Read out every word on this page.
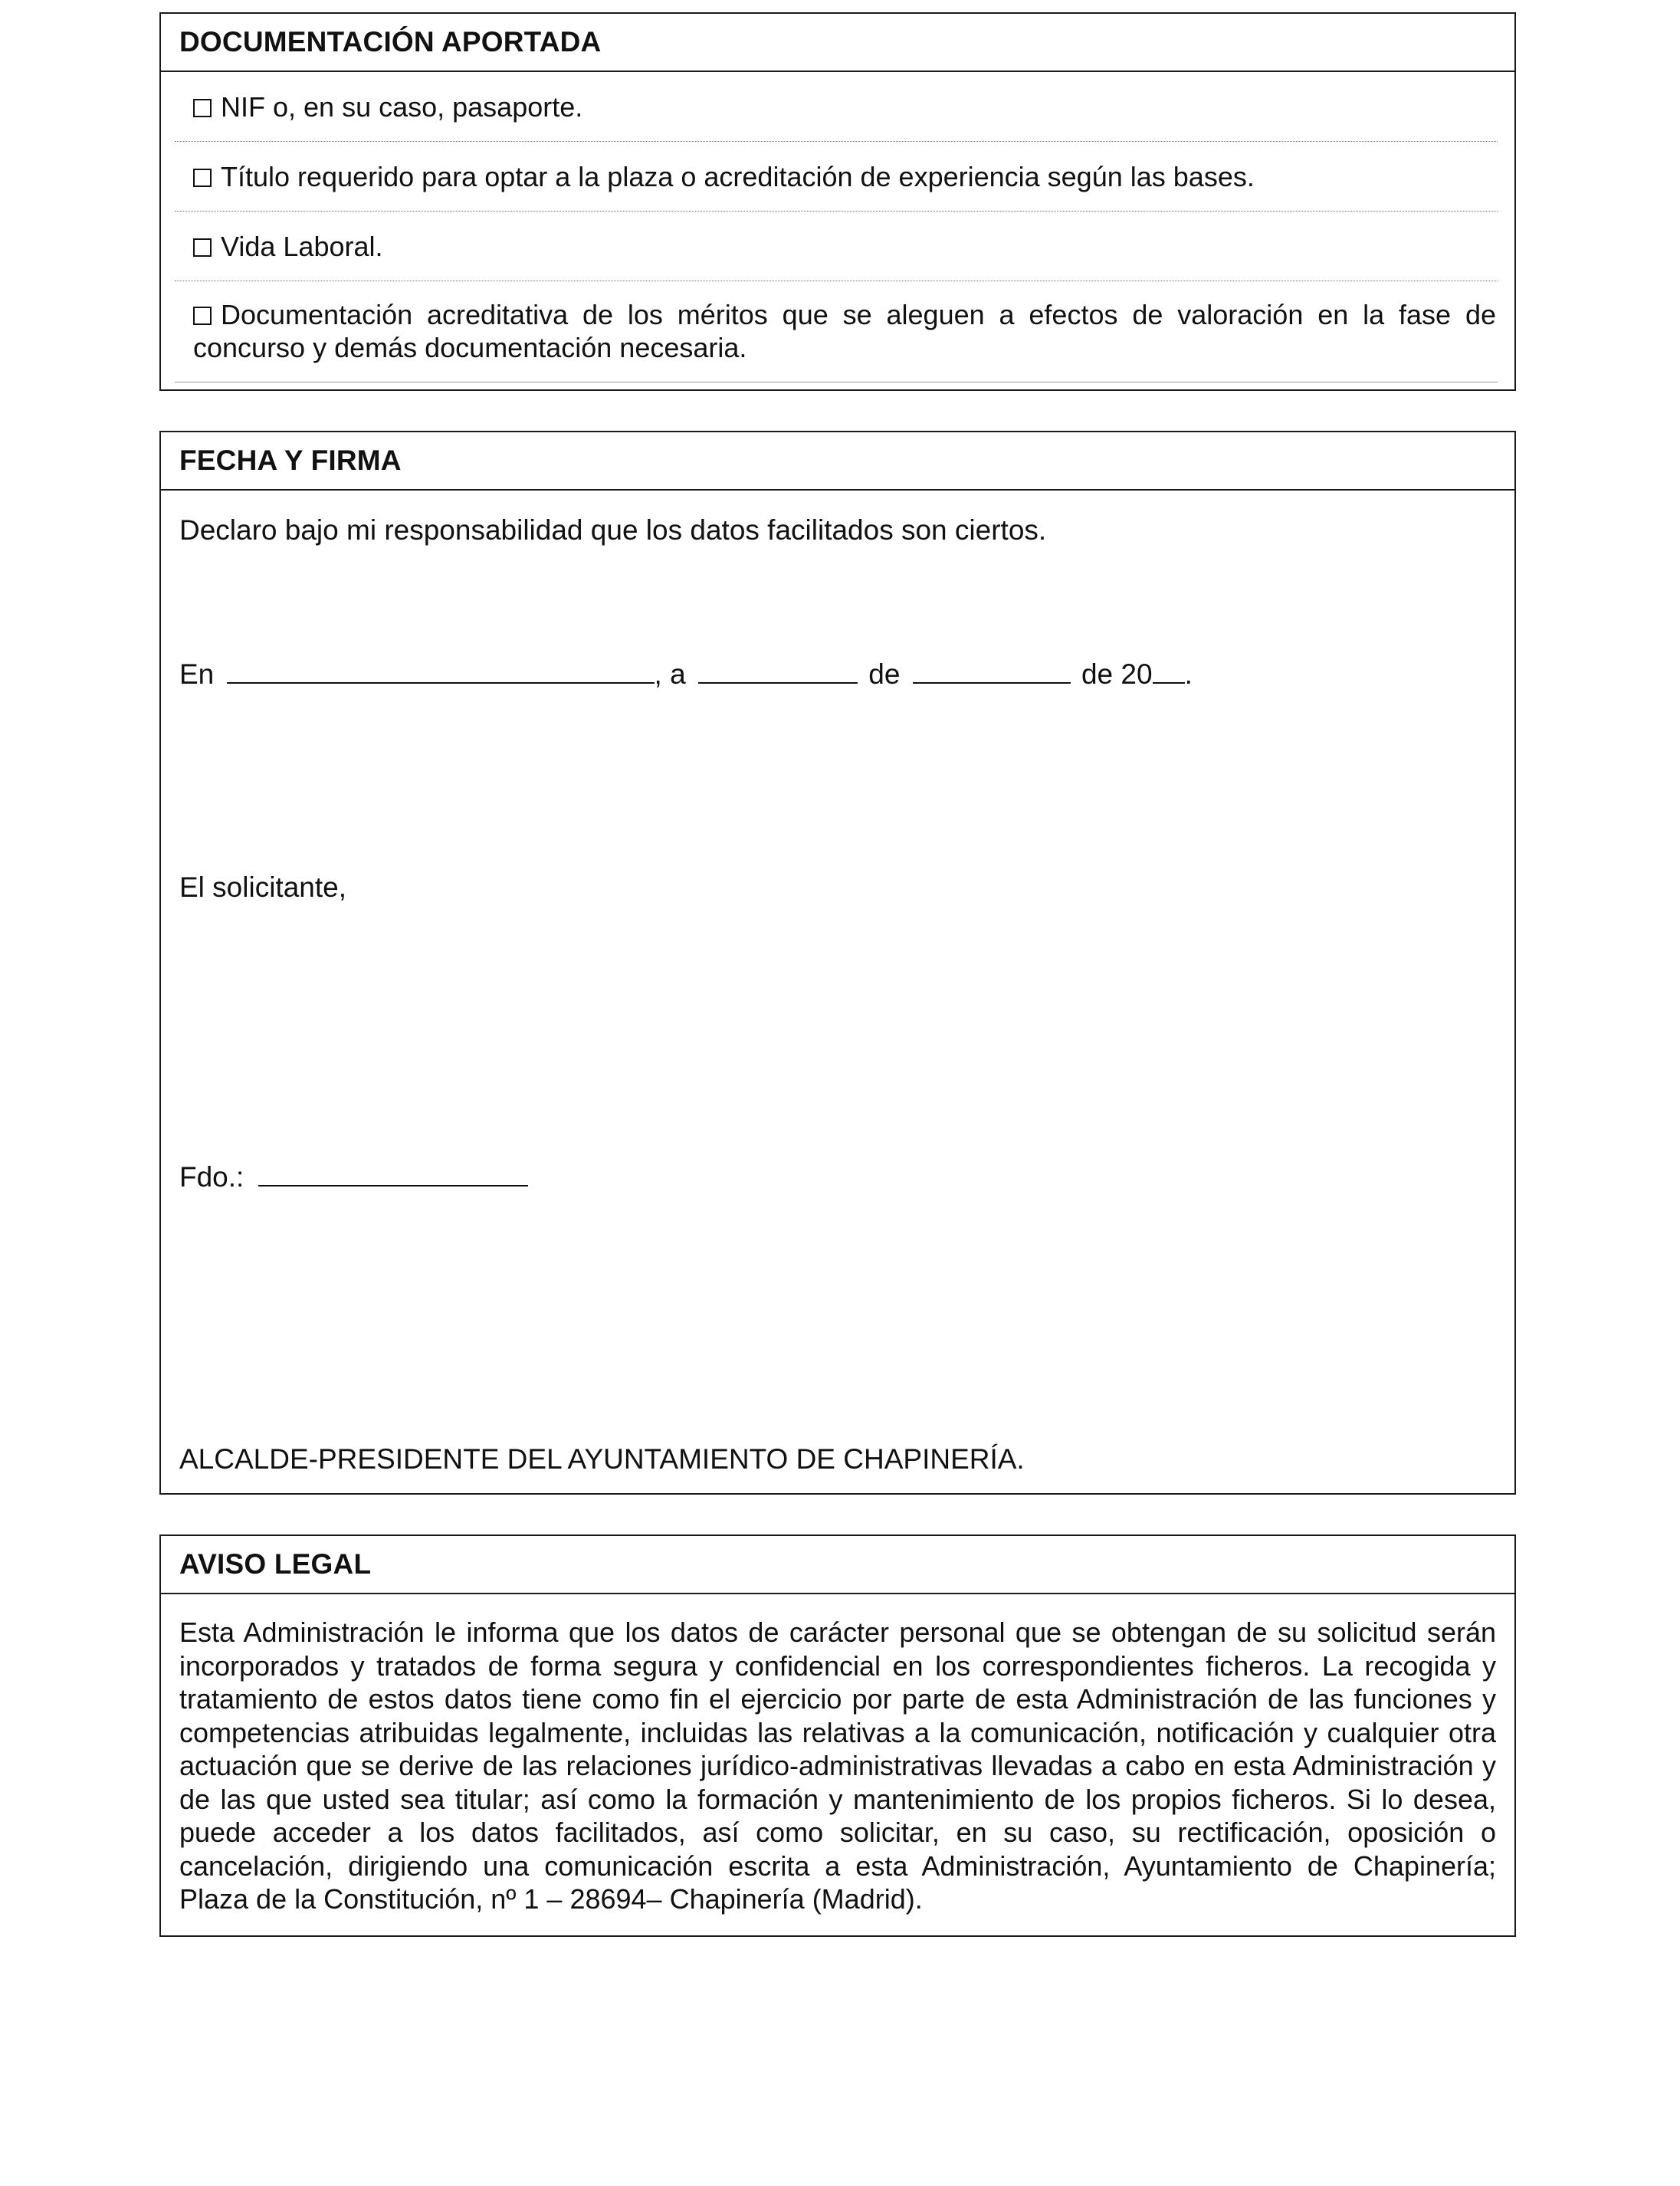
DOCUMENTACIÓN APORTADA
NIF o, en su caso, pasaporte.
Título requerido para optar a la plaza o acreditación de experiencia según las bases.
Vida Laboral.
Documentación acreditativa de los méritos que se aleguen a efectos de valoración en la fase de concurso y demás documentación necesaria.
FECHA Y FIRMA
Declaro bajo mi responsabilidad que los datos facilitados son ciertos.
En	, a	de	de 20 .
El solicitante,
Fdo.:
ALCALDE-PRESIDENTE DEL AYUNTAMIENTO DE CHAPINERÍA.
AVISO LEGAL
Esta Administración le informa que los datos de carácter personal que se obtengan de su solicitud serán incorporados y tratados de forma segura y confidencial en los correspondientes ficheros. La recogida y tratamiento de estos datos tiene como fin el ejercicio por parte de esta Administración de las funciones y competencias atribuidas legalmente, incluidas las relativas a la comunicación, notificación y cualquier otra actuación que se derive de las relaciones jurídico-administrativas llevadas a cabo en esta Administración y de las que usted sea titular; así como la formación y mantenimiento de los propios ficheros. Si lo desea, puede acceder a los datos facilitados, así como solicitar, en su caso, su rectificación, oposición o cancelación, dirigiendo una comunicación escrita a esta Administración, Ayuntamiento de Chapinería; Plaza de la Constitución, nº 1 – 28694– Chapinería (Madrid).
